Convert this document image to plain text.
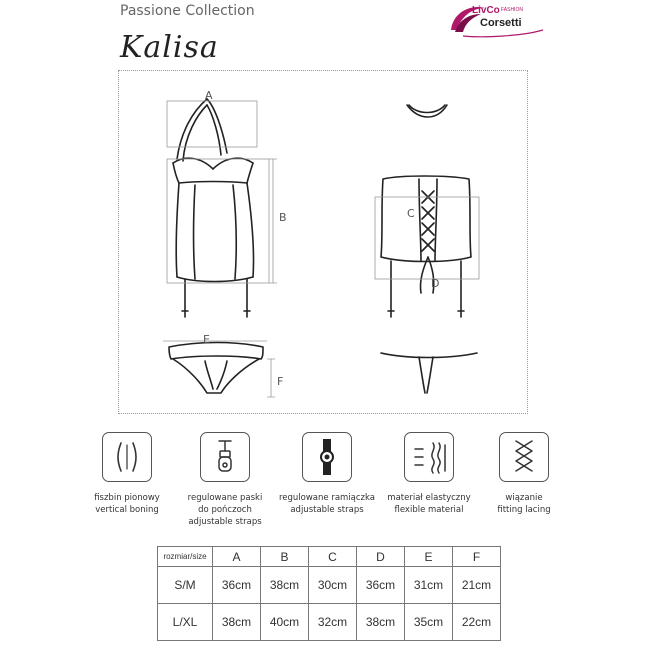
Passione Collection
Kalisa
LivCo FASHION
Corsetti
A
B	C
D
E
F
fiszbin pionowy
vertical boning
regulowane paski
do pończoch
adjustable straps
regulowane ramiączka
adjustable straps
materiał elastyczny
flexible material
wiązanie
fitting lacing
rozmiar/size	A	B	C	D	E	F
S/M	36cm	38cm	30cm	36cm	31cm	21cm
L/XL	38cm	40cm	32cm	38cm	35cm	22cm
